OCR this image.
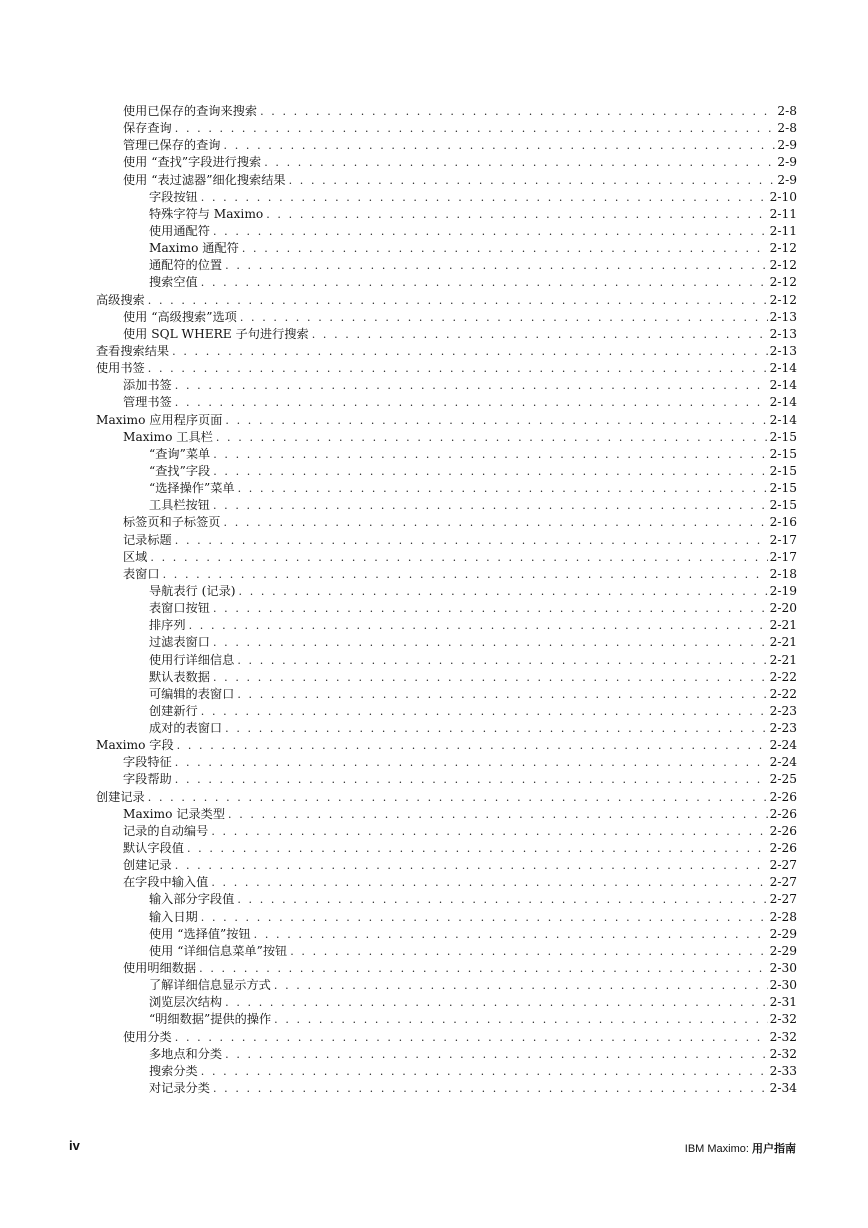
使用已保存的查询来搜索 . . .	2-8
保存查询 . . .	2-8
管理已保存的查询 . . .	2-9
使用 “查找”字段进行搜索 . . .	2-9
使用 “表过滤器”细化搜索结果 . . .	2-9
字段按钮 . . .	2-10
特殊字符与 Maximo . . .	2-11
使用通配符 . . .	2-11
Maximo 通配符 . . .	2-12
通配符的位置 . . .	2-12
搜索空值 . . .	2-12
高级搜索 . . .	2-12
使用 “高级搜索”选项 . . .	2-13
使用 SQL WHERE 子句进行搜索 . . .	2-13
查看搜索结果 . . .	2-13
使用书签 . . .	2-14
添加书签 . . .	2-14
管理书签 . . .	2-14
Maximo 应用程序页面 . . .	2-14
Maximo 工具栏 . . .	2-15
“查询”菜单 . . .	2-15
“查找”字段 . . .	2-15
“选择操作”菜单 . . .	2-15
工具栏按钮 . . .	2-15
标签页和子标签页 . . .	2-16
记录标题 . . .	2-17
区域 . . .	2-17
表窗口 . . .	2-18
导航表行 (记录) . . .	2-19
表窗口按钮 . . .	2-20
排序列 . . .	2-21
过滤表窗口 . . .	2-21
使用行详细信息 . . .	2-21
默认表数据 . . .	2-22
可编辑的表窗口 . . .	2-22
创建新行 . . .	2-23
成对的表窗口 . . .	2-23
Maximo 字段 . . .	2-24
字段特征 . . .	2-24
字段帮助 . . .	2-25
创建记录 . . .	2-26
Maximo 记录类型 . . .	2-26
记录的自动编号 . . .	2-26
默认字段值 . . .	2-26
创建记录 . . .	2-27
在字段中输入值 . . .	2-27
输入部分字段值 . . .	2-27
输入日期 . . .	2-28
使用 “选择值”按钮 . . .	2-29
使用 “详细信息菜单”按钮 . . .	2-29
使用明细数据 . . .	2-30
了解详细信息显示方式 . . .	2-30
浏览层次结构 . . .	2-31
“明细数据”提供的操作 . . .	2-32
使用分类 . . .	2-32
多地点和分类 . . .	2-32
搜索分类 . . .	2-33
对记录分类 . . .	2-34
iv	IBM Maximo: 用户指南
